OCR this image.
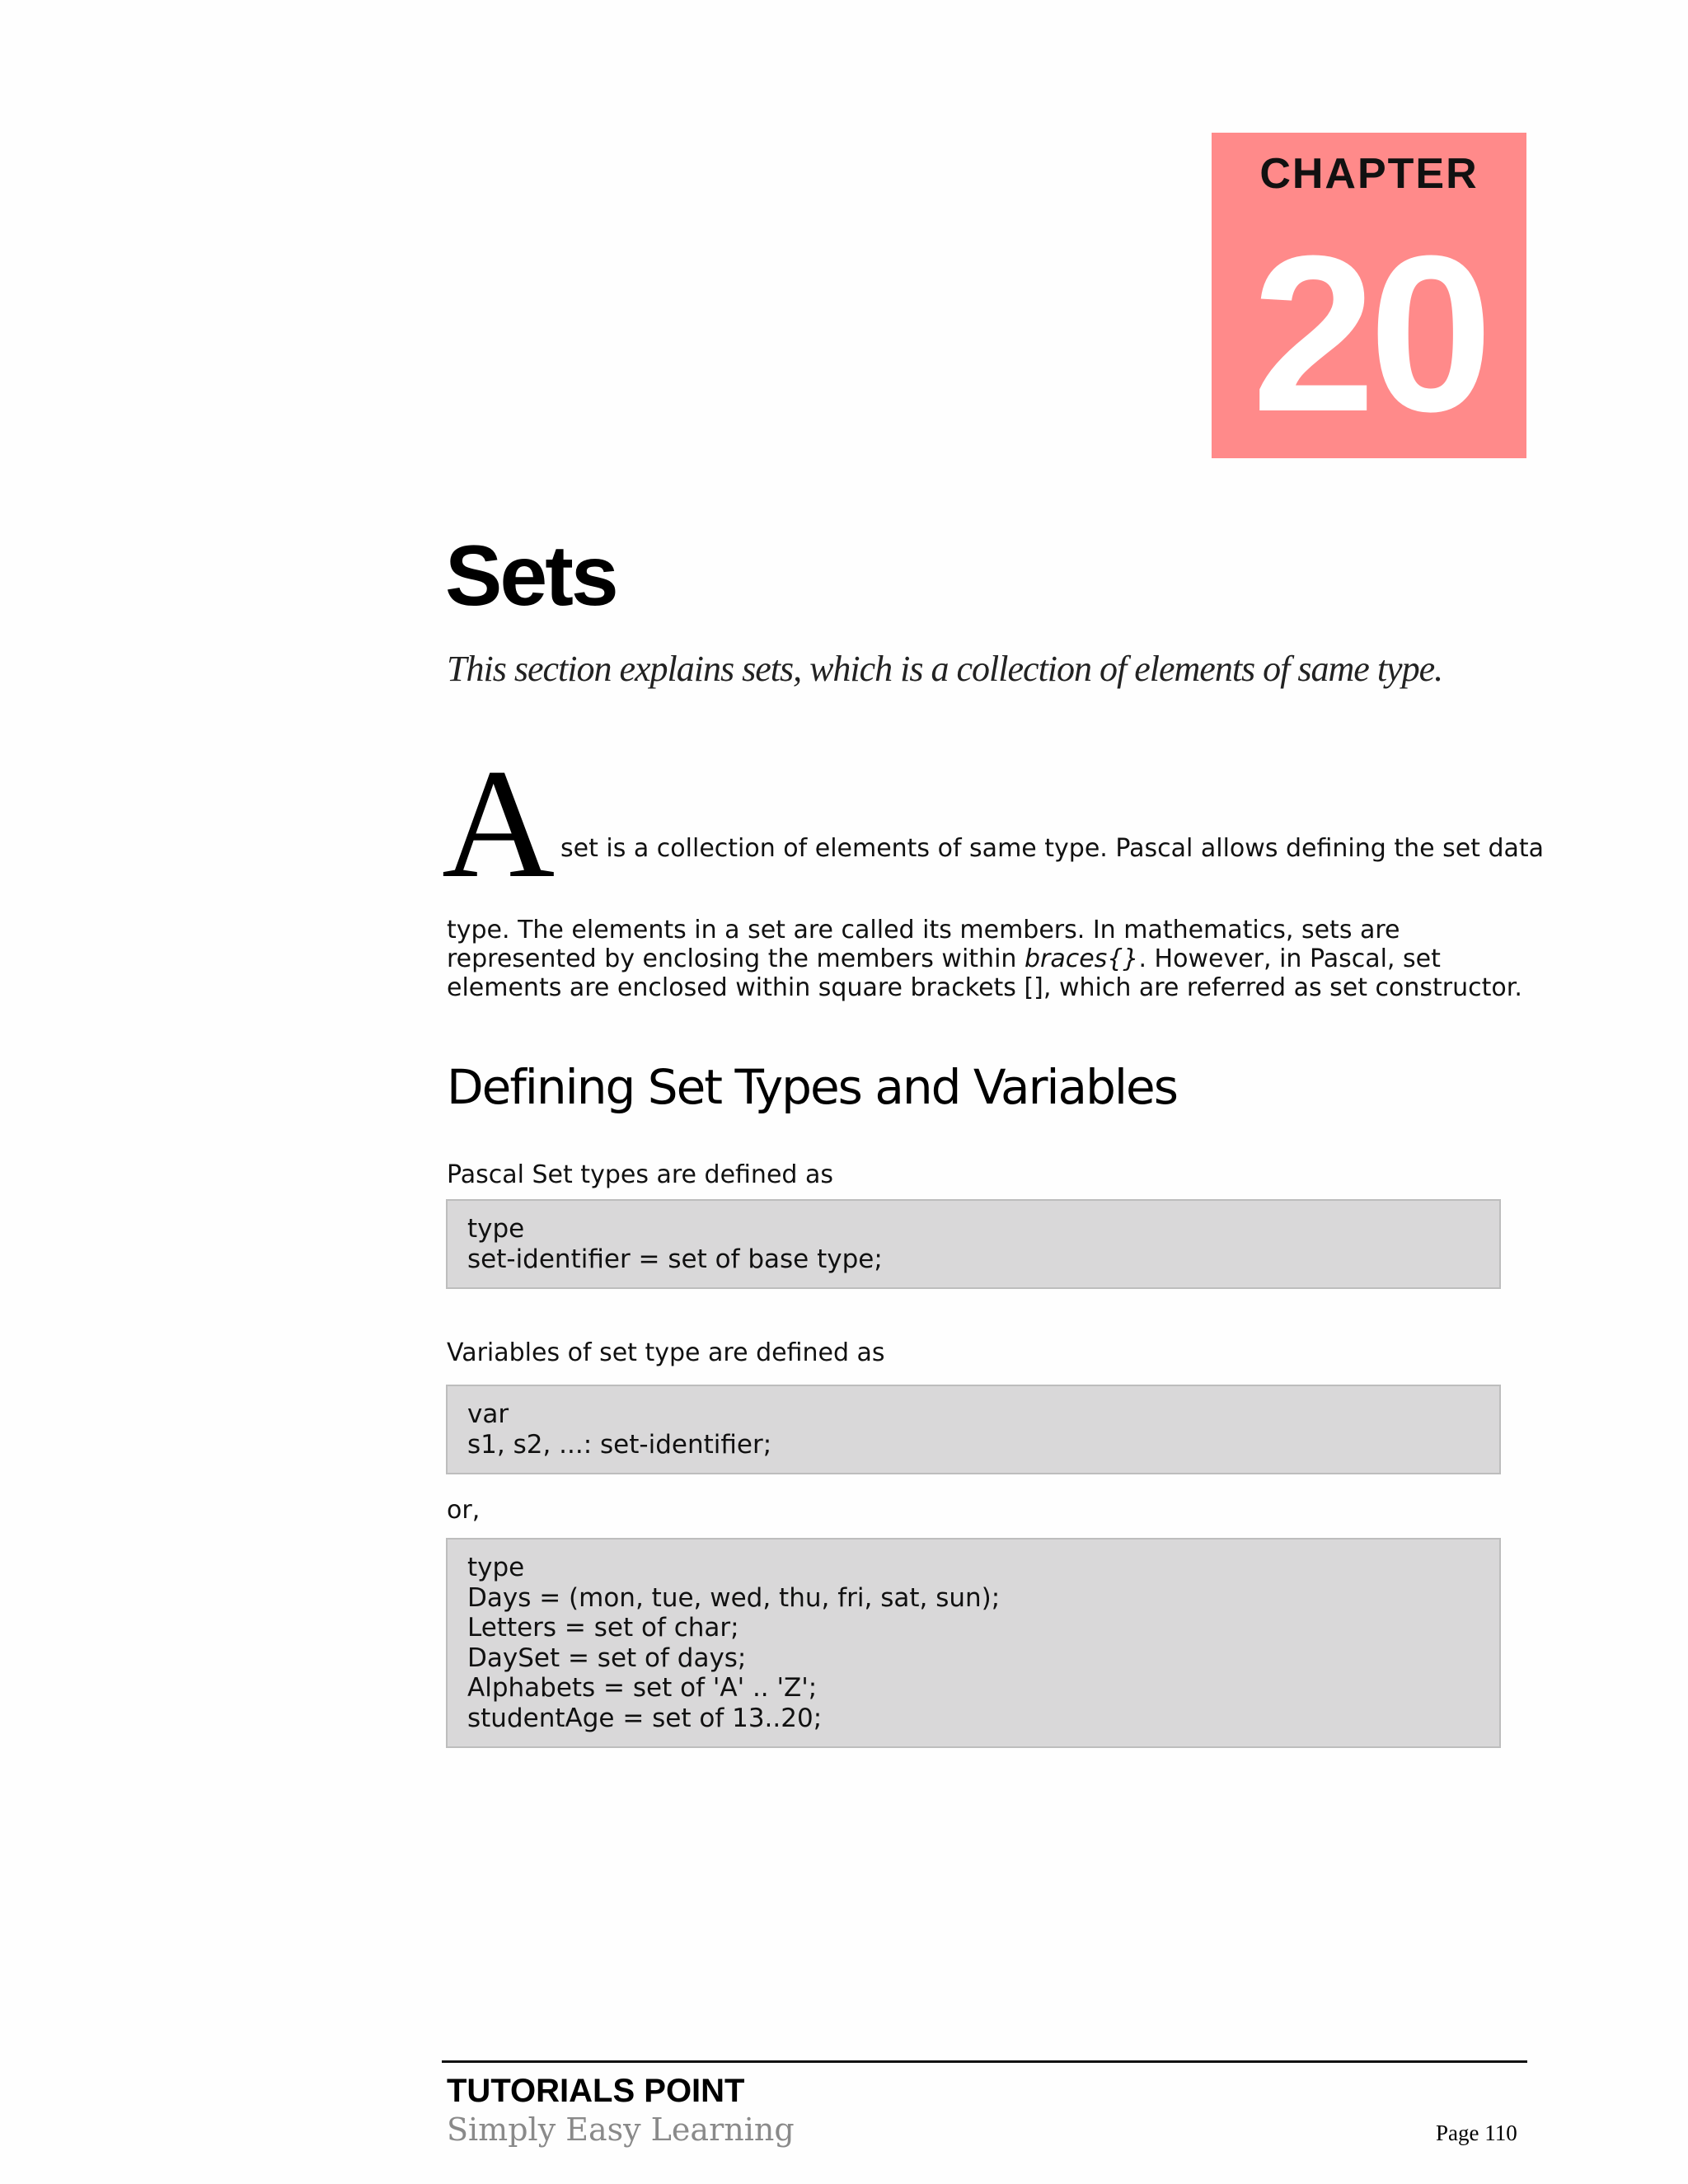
CHAPTER
20
Sets

This section explains sets, which is a collection of elements of same type.

A set is a collection of elements of same type. Pascal allows defining the set data

type. The elements in a set are called its members. In mathematics, sets are represented by enclosing the members within braces{}. However, in Pascal, set elements are enclosed within square brackets [], which are referred as set constructor.

Defining Set Types and Variables

Pascal Set types are defined as

type
set-identifier = set of base type;

Variables of set type are defined as

var
s1, s2, ...: set-identifier;

or,

type
Days = (mon, tue, wed, thu, fri, sat, sun);
Letters = set of char;
DaySet = set of days;
Alphabets = set of 'A' .. 'Z';
studentAge = set of 13..20;
TUTORIALS POINT
Simply Easy Learning	Page 110
